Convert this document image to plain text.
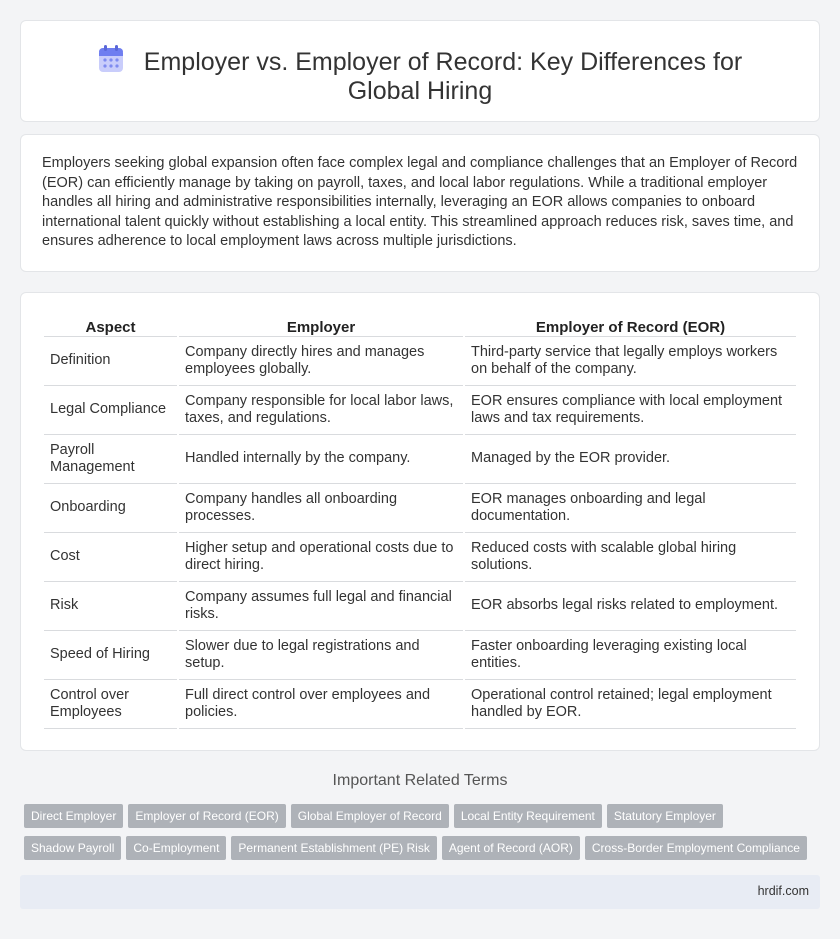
Employer vs. Employer of Record: Key Differences for Global Hiring

Employers seeking global expansion often face complex legal and compliance challenges that an Employer of Record (EOR) can efficiently manage by taking on payroll, taxes, and local labor regulations. While a traditional employer handles all hiring and administrative responsibilities internally, leveraging an EOR allows companies to onboard international talent quickly without establishing a local entity. This streamlined approach reduces risk, saves time, and ensures adherence to local employment laws across multiple jurisdictions.

Aspect	Employer	Employer of Record (EOR)
Definition	Company directly hires and manages employees globally.	Third-party service that legally employs workers on behalf of the company.
Legal Compliance	Company responsible for local labor laws, taxes, and regulations.	EOR ensures compliance with local employment laws and tax requirements.
Payroll Management	Handled internally by the company.	Managed by the EOR provider.
Onboarding	Company handles all onboarding processes.	EOR manages onboarding and legal documentation.
Cost	Higher setup and operational costs due to direct hiring.	Reduced costs with scalable global hiring solutions.
Risk	Company assumes full legal and financial risks.	EOR absorbs legal risks related to employment.
Speed of Hiring	Slower due to legal registrations and setup.	Faster onboarding leveraging existing local entities.
Control over Employees	Full direct control over employees and policies.	Operational control retained; legal employment handled by EOR.
Important Related Terms
Direct Employer Employer of Record (EOR) Global Employer of Record Local Entity Requirement Statutory Employer
Shadow Payroll Co-Employment Permanent Establishment (PE) Risk Agent of Record (AOR) Cross-Border Employment Compliance
hrdif.com
